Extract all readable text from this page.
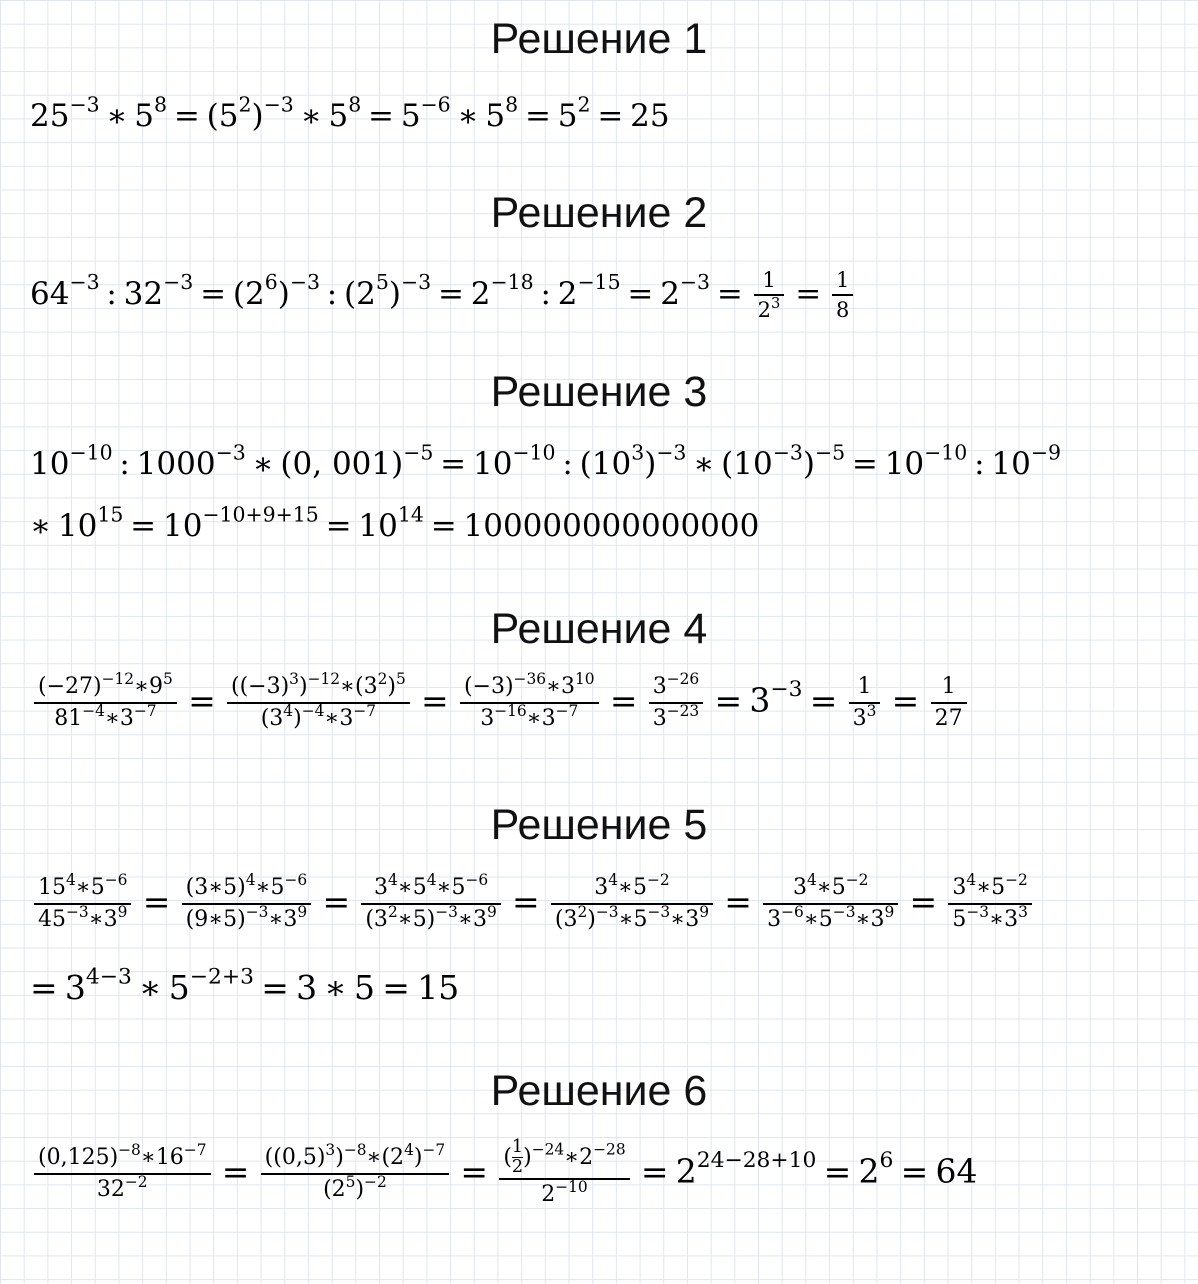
Решение 1
Решение 2
Решение 3
Решение 4
Решение 5
Решение 6
$25^{-3}$ ∗ $5^8 = (5^2)^{-3}$ ∗ $5^8 = 5^{-6}$ ∗ $5^8 = 5^2 = 25$
$64^{-3}$ : $32^{-3} = (2^6)^{-3}$ : $(2^5)^{-3} = 2^{-18}$ : $2^{-15} = 2^{-3} = \frac{1}{2^3} = \frac{1}{8}$
$10^{-10}$ : $1000^{-3}$ ∗ (0, $001)^{-5} = 10^{-10}$ : $(10^3)^{-3}$ ∗ $(10^{-3})^{-5} = 10^{-10}$ : $10^{-9}$
∗ $10^{15} = 10^{-10+9+15} = 10^{14} = 100000000000000$
$\frac{(-27)^{-12}∗9^5}{81^{-4}∗3^{-7}} = \frac{((-3)^3)^{-12}∗(3^2)^5}{(3^4)^{-4}∗3^{-7}} = \frac{(-3)^{-36}∗3^{10}}{3^{-16}∗3^{-7}} = \frac{3^{-26}}{3^{-23}} = 3^{-3} = \frac{1}{3^3} = \frac{1}{27}$
$\frac{15^4∗5^{-6}}{45^{-3}∗3^9} = \frac{(3∗5)^4∗5^{-6}}{(9∗5)^{-3}∗3^9} = \frac{3^4∗5^4∗5^{-6}}{(3^2∗5)^{-3}∗3^9} = \frac{3^4∗5^{-2}}{(3^2)^{-3}∗5^{-3}∗3^9} = \frac{3^4∗5^{-2}}{3^{-6}∗5^{-3}∗3^9} = \frac{3^4∗5^{-2}}{5^{-3}∗3^3}$
= $3^{4-3}$ ∗ $5^{-2+3} = 3$ ∗ 5 = 15
$\frac{(0,125)^{-8}∗16^{-7}}{32^{-2}} = \frac{((0,5)^3)^{-8}∗(2^4)^{-7}}{(2^5)^{-2}} = \frac{( \frac{1}{2} )^{-24}∗2^{-28}}{2^{-10}} = 2^{24-28+10} = 2^6 = 64$
